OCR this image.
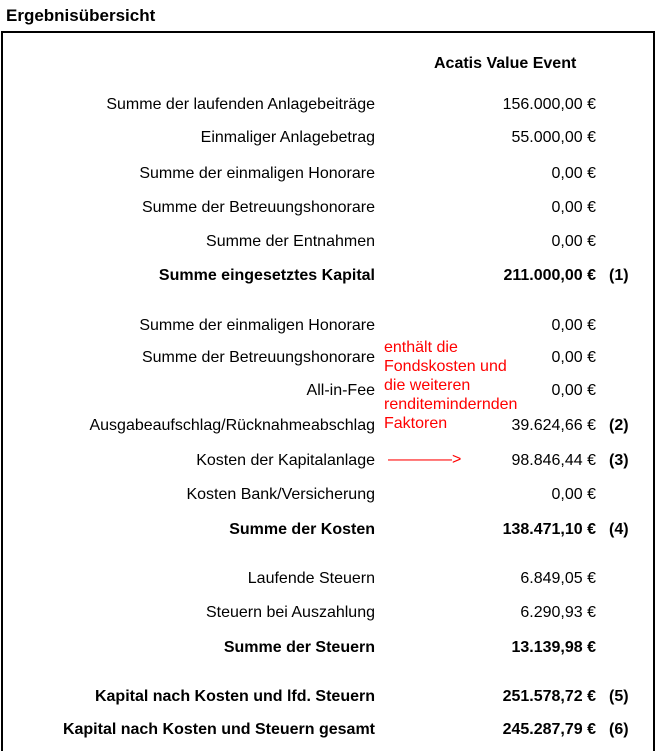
Ergebnisübersicht
Acatis Value Event
Summe der laufenden Anlagebeiträge	156.000,00 €
Einmaliger Anlagebetrag	55.000,00 €
Summe der einmaligen Honorare	0,00 €
Summe der Betreuungshonorare	0,00 €
Summe der Entnahmen	0,00 €
Summe eingesetztes Kapital	211.000,00 € (1)
Summe der einmaligen Honorare	0,00 €
Summe der Betreuungshonorare	0,00 €
All-in-Fee	0,00 €
Ausgabeaufschlag/Rücknahmeabschlag	39.624,66 € (2)
Kosten der Kapitalanlage	98.846,44 € (3)
Kosten Bank/Versicherung	0,00 €
Summe der Kosten	138.471,10 € (4)
Laufende Steuern	6.849,05 €
Steuern bei Auszahlung	6.290,93 €
Summe der Steuern	13.139,98 €
Kapital nach Kosten und lfd. Steuern	251.578,72 € (5)
Kapital nach Kosten und Steuern gesamt	245.287,79 € (6)
enthält die
Fondskosten und
die weiteren
renditemindernden
Faktoren
————>
